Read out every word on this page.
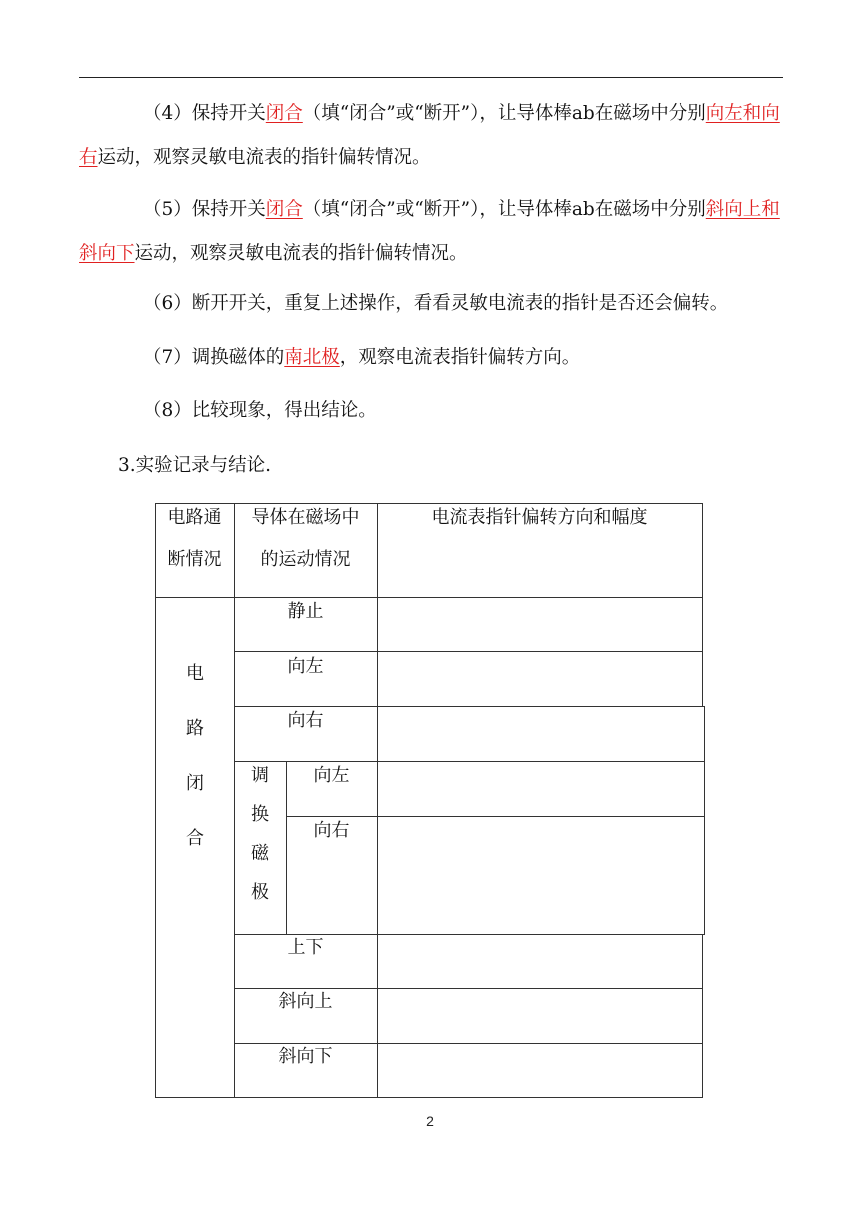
（4）保持开关闭合（填“闭合”或“断开”），让导体棒ab在磁场中分别向左和向右运动，观察灵敏电流表的指针偏转情况。
（5）保持开关闭合（填“闭合”或“断开”），让导体棒ab在磁场中分别斜向上和斜向下运动，观察灵敏电流表的指针偏转情况。
（6）断开开关，重复上述操作，看看灵敏电流表的指针是否还会偏转。
（7）调换磁体的南北极，观察电流表指针偏转方向。
（8）比较现象，得出结论。
3.实验记录与结论.
电路通
断情况
导体在磁场中
的运动情况
电流表指针偏转方向和幅度
电
路
闭
合
调
换
磁
极
静止
向左
向右
向左
向右
上下
斜向上
斜向下
2
